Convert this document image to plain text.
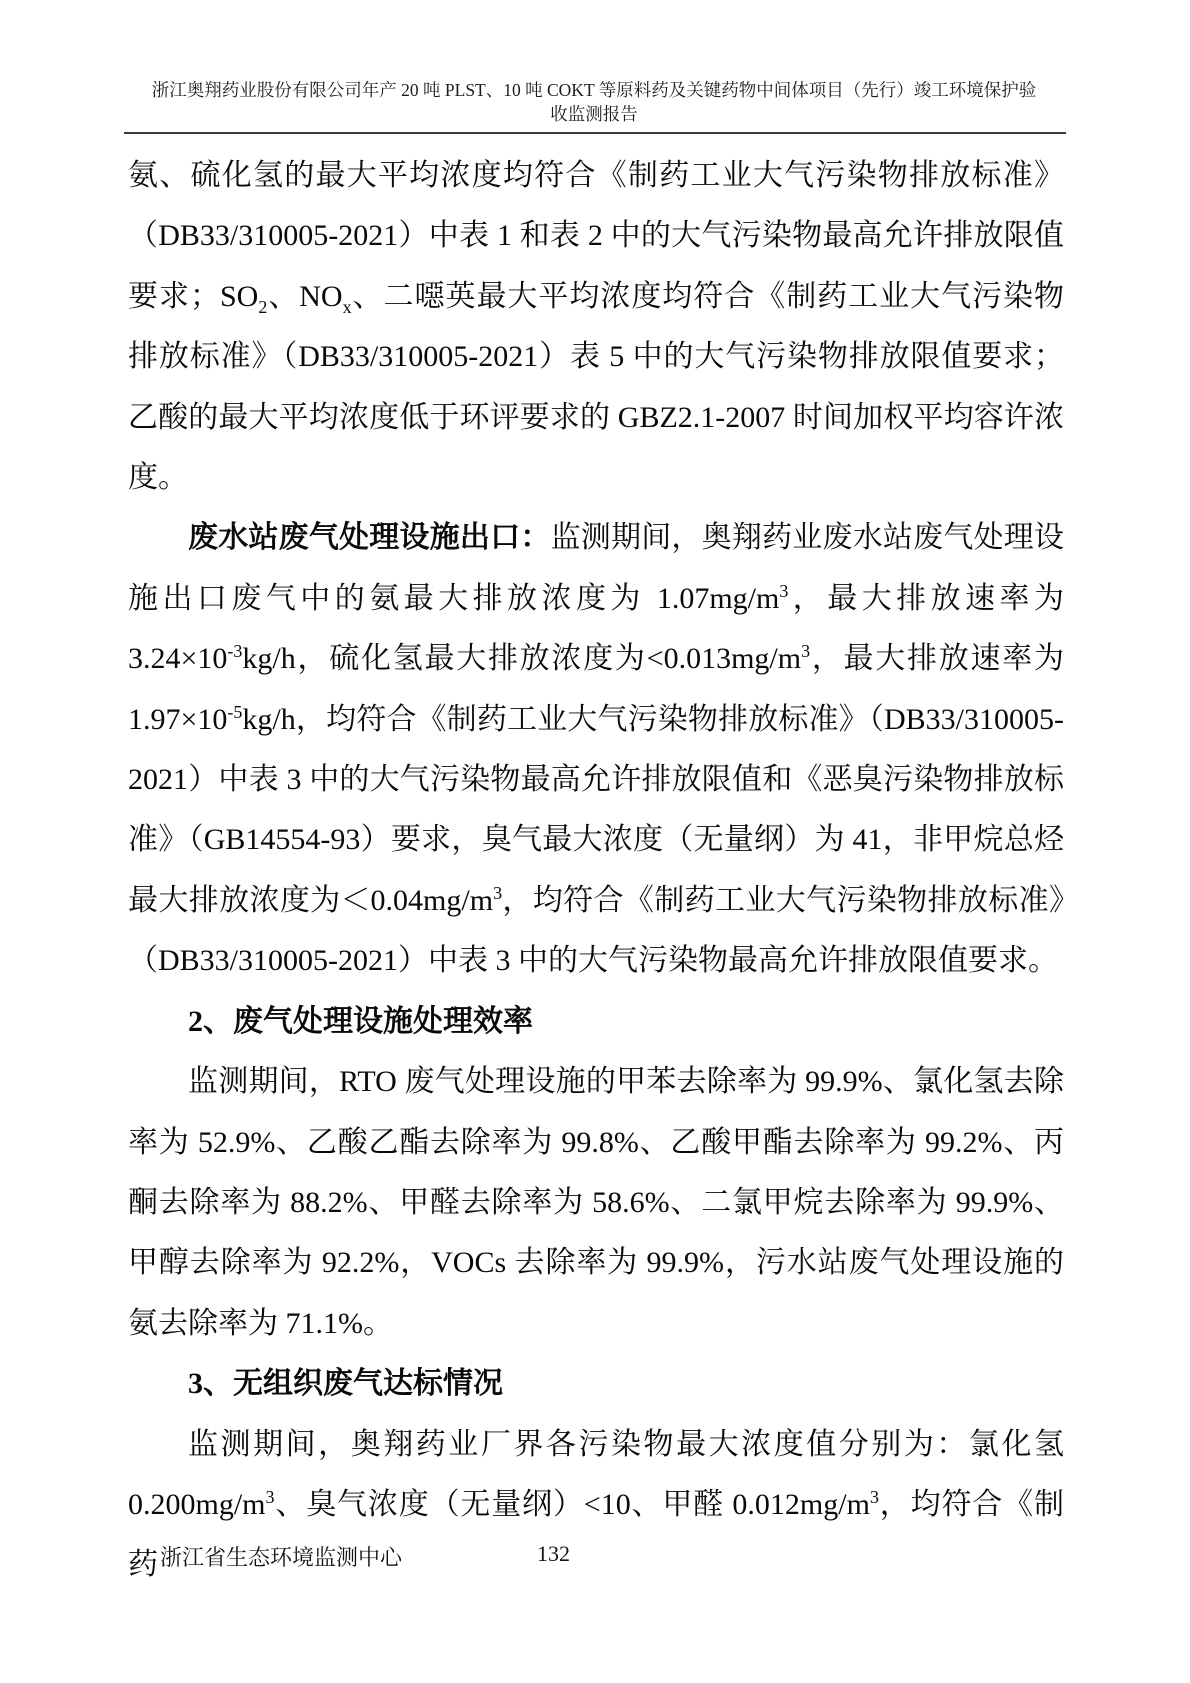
浙江奥翔药业股份有限公司年产 20 吨 PLST、10 吨 COKT 等原料药及关键药物中间体项目（先行）竣工环境保护验
收监测报告

氨、硫化氢的最大平均浓度均符合《制药工业大气污染物排放标准》（DB33/310005-2021）中表 1 和表 2 中的大气污染物最高允许排放限值要求；$SO_2$、$NO_x$、二噁英最大平均浓度均符合《制药工业大气污染物排放标准》（DB33/310005-2021）表 5 中的大气污染物排放限值要求；乙酸的最大平均浓度低于环评要求的 GBZ2.1-2007 时间加权平均容许浓度。

废水站废气处理设施出口：监测期间，奥翔药业废水站废气处理设施出口废气中的氨最大排放浓度为 $1.07mg/m^3$，最大排放速率为 $3.24\times 10^{-3}kg/h$，硫化氢最大排放浓度为$<0.013mg/m^3$，最大排放速率为 $1.97\times 10^{-5}kg/h$，均符合《制药工业大气污染物排放标准》（DB33/310005-2021）中表 3 中的大气污染物最高允许排放限值和《恶臭污染物排放标准》（GB14554-93）要求，臭气最大浓度（无量纲）为 41，非甲烷总烃最大排放浓度为$<0.04mg/m^3$，均符合《制药工业大气污染物排放标准》（DB33/310005-2021）中表 3 中的大气污染物最高允许排放限值要求。

2、废气处理设施处理效率

监测期间，RTO 废气处理设施的甲苯去除率为 99.9%、氯化氢去除率为 52.9%、乙酸乙酯去除率为 99.8%、乙酸甲酯去除率为 99.2%、丙酮去除率为 88.2%、甲醛去除率为 58.6%、二氯甲烷去除率为 99.9%、甲醇去除率为 92.2%，VOCs 去除率为 99.9%，污水站废气处理设施的氨去除率为 71.1%。

3、无组织废气达标情况

监测期间，奥翔药业厂界各污染物最大浓度值分别为：氯化氢 $0.200mg/m^3$、臭气浓度（无量纲）<10、甲醛 $0.012mg/m^3$，均符合《制药 浙江省生态环境监测中心	132
